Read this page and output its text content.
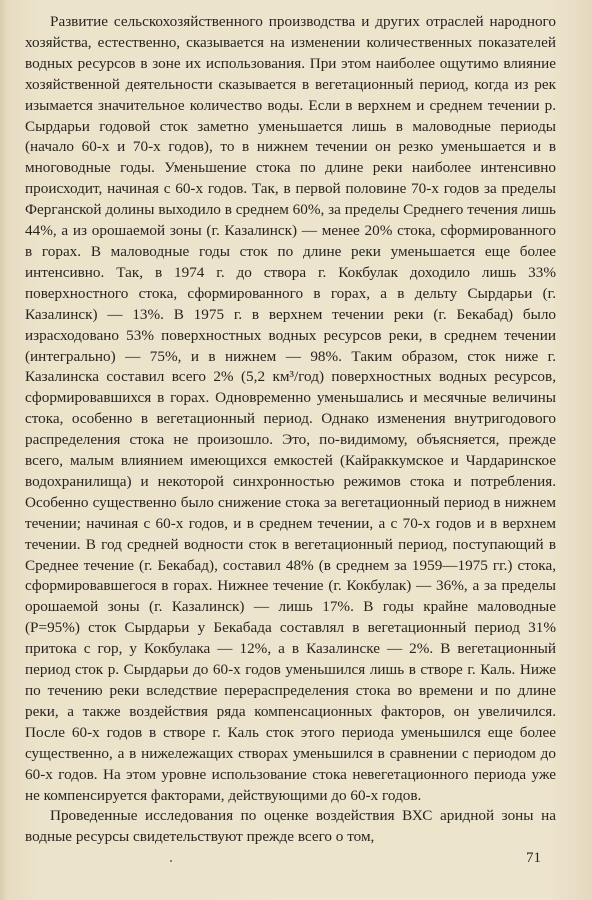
Развитие сельскохозяйственного производства и других отраслей народного хозяйства, естественно, сказывается на изменении количественных показателей водных ресурсов в зоне их использования. При этом наиболее ощутимо влияние хозяйственной деятельности сказывается в вегетационный период, когда из рек изымается значительное количество воды. Если в верхнем и среднем течении р. Сырдарьи годовой сток заметно уменьшается лишь в маловодные периоды (начало 60-х и 70-х годов), то в нижнем течении он резко уменьшается и в многоводные годы. Уменьшение стока по длине реки наиболее интенсивно происходит, начиная с 60-х годов. Так, в первой половине 70-х годов за пределы Ферганской долины выходило в среднем 60%, за пределы Среднего течения лишь 44%, а из орошаемой зоны (г. Казалинск) — менее 20% стока, сформированного в горах. В маловодные годы сток по длине реки уменьшается еще более интенсивно. Так, в 1974 г. до створа г. Кокбулак доходило лишь 33% поверхностного стока, сформированного в горах, а в дельту Сырдарьи (г. Казалинск) — 13%. В 1975 г. в верхнем течении реки (г. Бекабад) было израсходовано 53% поверхностных водных ресурсов реки, в среднем течении (интегрально) — 75%, и в нижнем — 98%. Таким образом, сток ниже г. Казалинска составил всего 2% (5,2 км³/год) поверхностных водных ресурсов, сформировавшихся в горах. Одновременно уменьшались и месячные величины стока, особенно в вегетационный период. Однако изменения внутригодового распределения стока не произошло. Это, по-видимому, объясняется, прежде всего, малым влиянием имеющихся емкостей (Кайраккумское и Чардаринское водохранилища) и некоторой синхронностью режимов стока и потребления. Особенно существенно было снижение стока за вегетационный период в нижнем течении; начиная с 60-х годов, и в среднем течении, а с 70-х годов и в верхнем течении. В год средней водности сток в вегетационный период, поступающий в Среднее течение (г. Бекабад), составил 48% (в среднем за 1959—1975 гг.) стока, сформировавшегося в горах. Нижнее течение (г. Кокбулак) — 36%, а за пределы орошаемой зоны (г. Казалинск) — лишь 17%. В годы крайне маловодные (P=95%) сток Сырдарьи у Бекабада составлял в вегетационный период 31% притока с гор, у Кокбулака — 12%, а в Казалинске — 2%. В вегетационный период сток р. Сырдарьи до 60-х годов уменьшился лишь в створе г. Каль. Ниже по течению реки вследствие перераспределения стока во времени и по длине реки, а также воздействия ряда компенсационных факторов, он увеличился. После 60-х годов в створе г. Каль сток этого периода уменьшился еще более существенно, а в нижележащих створах уменьшился в сравнении с периодом до 60-х годов. На этом уровне использование стока невегетационного периода уже не компенсируется факторами, действующими до 60-х годов.

Проведенные исследования по оценке воздействия ВХС аридной зоны на водные ресурсы свидетельствуют прежде всего о том,

71
